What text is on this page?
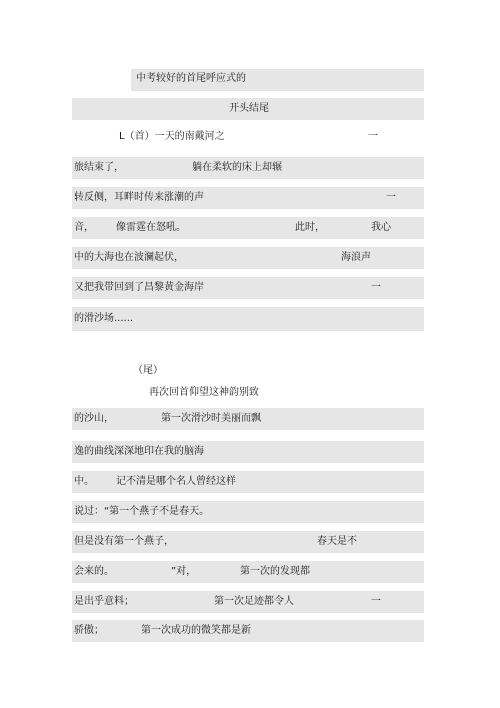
中考较好的首尾呼应式的
开头结尾
L（首）一天的南戴河之	一
旅结束了，	躺在柔软的床上却辗
转反侧，耳畔时传来涨潮的声	一
音， 像雷霆在怒吼。	此时，	我心
中的大海也在波澜起伏，	海浪声
又把我带回到了昌黎黄金海岸	一
的滑沙场......
（尾）
再次回首仰望这神韵别致
的沙山，	第一次滑沙时美丽而飘
逸的曲线深深地印在我的脑海
中。 记不清是哪个名人曾经这样
说过：“第一个燕子不是春天。
但是没有第一个燕子，	春天是不
会来的。	”对，	第一次的发现都
是出乎意料；	第一次足迹都令人	一
骄傲；	第一次成功的微笑都是新
